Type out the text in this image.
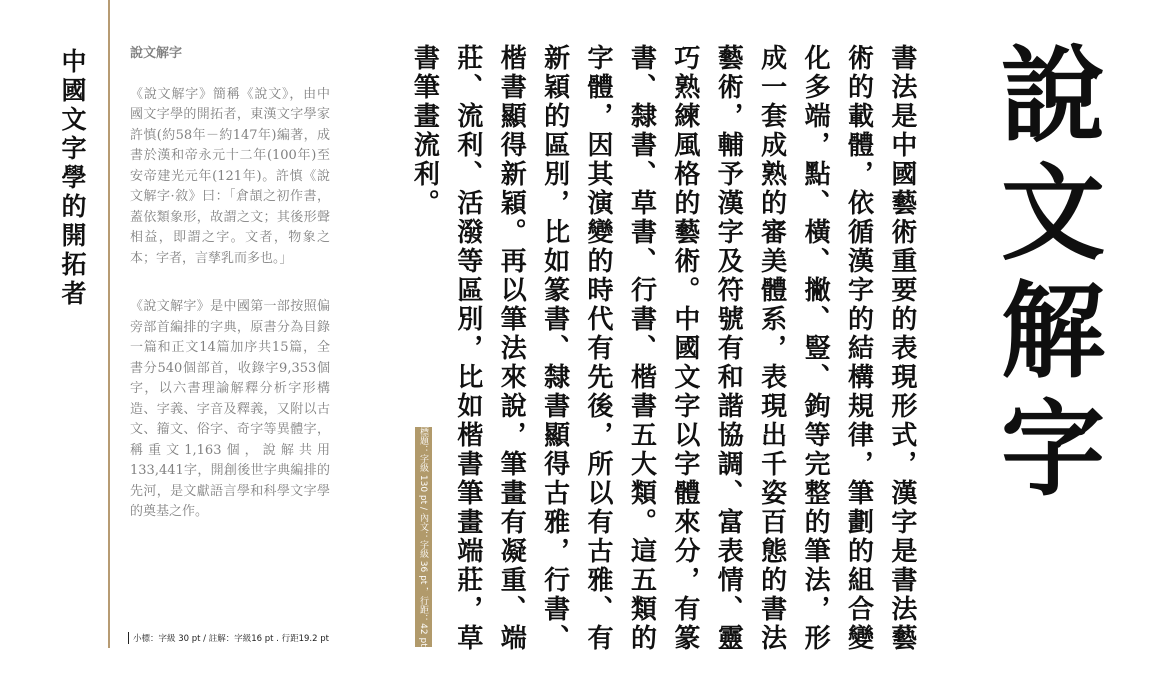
中國文字學的開拓者	說文解字

《說文解字》簡稱《說文》，由中國文字學的開拓者，東漢文字學家許慎(約58年－約147年)編著，成書於漢和帝永元十二年(100年)至安帝建光元年(121年)。許慎《說文解字·敘》曰：「倉頡之初作書，蓋依類象形，故謂之文；其後形聲相益，即謂之字。文者，物象之本；字者，言孳乳而多也。」

《說文解字》是中國第一部按照偏旁部首編排的字典，原書分為目錄一篇和正文14篇加序共15篇，全書分540個部首，收錄字9,353個字，以六書理論解釋分析字形構造、字義、字音及釋義，又附以古文、籀文、俗字、奇字等異體字，稱重文1,163個，說解共用133,441字，開創後世字典編排的先河，是文獻語言學和科學文字學的奠基之作。

小標：字級 30 pt / 註解：字級16 pt . 行距19.2 pt	書法是中國藝術重要的表現形式，漢字是書法藝術的載體，依循漢字的結構規律，筆劃的組合變化多端，點、橫、撇、豎、鉤等完整的筆法，形成一套成熟的審美體系，表現出千姿百態的書法藝術，輔予漢字及符號有和諧協調、富表情、靈巧熟練風格的藝術。中國文字以字體來分，有篆書、隸書、草書、行書、楷書五大類。這五類的字體，因其演變的時代有先後，所以有古雅、有新穎的區別，比如篆書、隸書顯得古雅，行書、楷書顯得新穎。再以筆法來說，筆畫有凝重、端莊、流利、活潑等區別，比如楷書筆畫端莊，草書筆畫流利。
標題：字級 130 pt / 內文：字級 36 pt ，行距：42 pt
說文解字
